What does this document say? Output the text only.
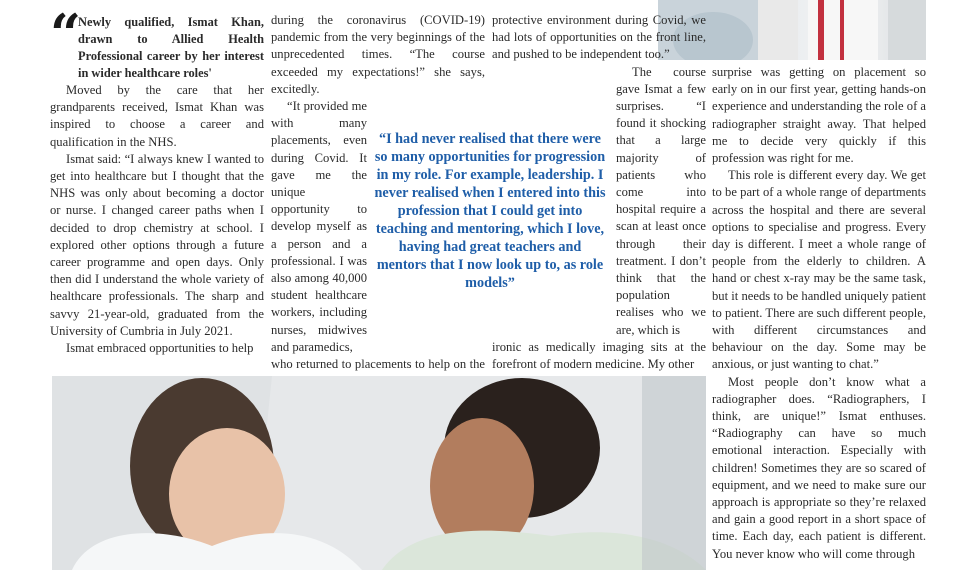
“

Newly qualified, Ismat Khan, drawn to Allied Health Professional career by her interest in wider healthcare roles'

Moved by the care that her grandparents received, Ismat Khan was inspired to choose a career and qualification in the NHS.

Ismat said: “I always knew I wanted to get into healthcare but I thought that the NHS was only about becoming a doctor or nurse. I changed career paths when I decided to drop chemistry at school. I explored other options through a future career programme and open days. Only then did I understand the whole variety of healthcare professionals. The sharp and savvy 21-year-old, graduated from the University of Cumbria in July 2021.

Ismat embraced opportunities to help

during the coronavirus (COVID-19) pandemic from the very beginnings of the unprecedented times. “The course exceeded my expectations!” she says, excitedly.

“It provided me with many placements, even during Covid. It gave me the unique opportunity to develop myself as a person and a professional. I was also among 40,000 student healthcare workers, including nurses, midwives and paramedics,

who returned to placements to help on the

protective environment during Covid, we had lots of opportunities on the front line, and pushed to be independent too.”

The course gave Ismat a few surprises. “I found it shocking that a large majority of patients who come into hospital require a scan at least once through their treatment. I don’t think that the population realises who we are, which is

ironic as medically imaging sits at the forefront of modern medicine. My other

“I had never realised that there were so many opportunities for progression in my role. For example, leadership. I never realised when I entered into this profession that I could get into teaching and mentoring, which I love, having had great teachers and mentors that I now look up to, as role models”

surprise was getting on placement so early on in our first year, getting hands-on experience and understanding the role of a radiographer straight away. That helped me to decide very quickly if this profession was right for me.

This role is different every day. We get to be part of a whole range of departments across the hospital and there are several options to specialise and progress. Every day is different. I meet a whole range of people from the elderly to children. A hand or chest x-ray may be the same task, but it needs to be handled uniquely patient to patient. There are such different people, with different circumstances and behaviour on the day. Some may be anxious, or just wanting to chat.”

Most people don’t know what a radiographer does. “Radiographers, I think, are unique!” Ismat enthuses. “Radiography can have so much emotional interaction. Especially with children! Sometimes they are so scared of equipment, and we need to make sure our approach is appropriate so they’re relaxed and gain a good report in a short space of time. Each day, each patient is different. You never know who will come through
